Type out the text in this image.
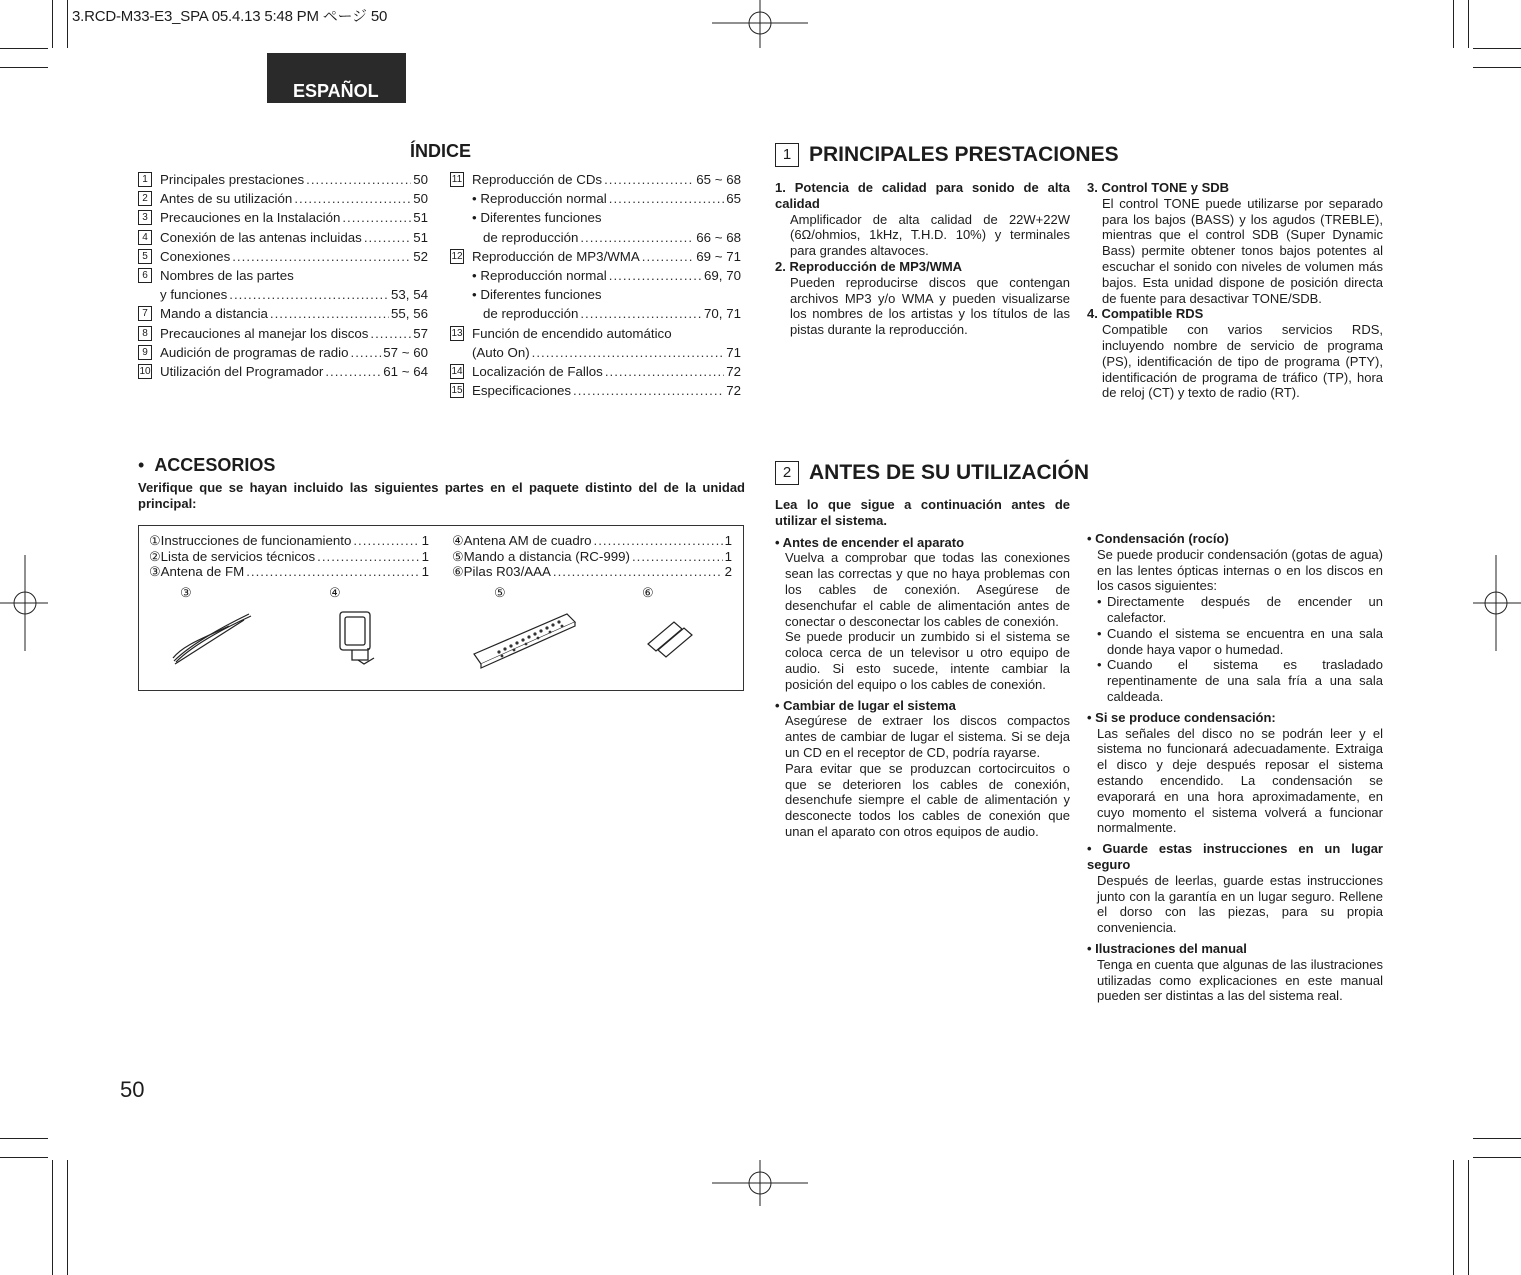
3.RCD-M33-E3_SPA 05.4.13 5:48 PM ページ 50
ESPAÑOL
ÍNDICE
1 Principales prestaciones .....	50
2 Antes de su utilización .....	50
3 Precauciones en la Instalación .....	51
4 Conexión de las antenas incluidas .....	51
5 Conexiones .....	52
6 Nombres de las partes
y funciones .....	53, 54
7 Mando a distancia .....	55, 56
8 Precauciones al manejar los discos .....	57
9 Audición de programas de radio .....	57 ~ 60
10 Utilización del Programador .....	61 ~ 64
11 Reproducción de CDs .....	65 ~ 68
• Reproducción normal .....	65
• Diferentes funciones
de reproducción .....	66 ~ 68
12 Reproducción de MP3/WMA .....	69 ~ 71
• Reproducción normal .....	69, 70
• Diferentes funciones
de reproducción .....	70, 71
13 Función de encendido automático
(Auto On) .....	71
14 Localización de Fallos .....	72
15 Especificaciones .....	72
1 PRINCIPALES PRESTACIONES

1. Potencia de calidad para sonido de alta calidad

Amplificador de alta calidad de 22W+22W (6Ω/ohmios, 1kHz, T.H.D. 10%) y terminales para grandes altavoces.

2. Reproducción de MP3/WMA

Pueden reproducirse discos que contengan archivos MP3 y/o WMA y pueden visualizarse los nombres de los artistas y los títulos de las pistas durante la reproducción.

3. Control TONE y SDB

El control TONE puede utilizarse por separado para los bajos (BASS) y los agudos (TREBLE), mientras que el control SDB (Super Dynamic Bass) permite obtener tonos bajos potentes al escuchar el sonido con niveles de volumen más bajos. Esta unidad dispone de posición directa de fuente para desactivar TONE/SDB.

4. Compatible RDS

Compatible con varios servicios RDS, incluyendo nombre de servicio de programa (PS), identificación de tipo de programa (PTY), identificación de programa de tráfico (TP), hora de reloj (CT) y texto de radio (RT).

• ACCESORIOS
Verifique que se hayan incluido las siguientes partes en el paquete distinto del de la unidad principal:
① Instrucciones de funcionamiento .....	1
② Lista de servicios técnicos .....	1
③ Antena de FM .....	1
④ Antena AM de cuadro .....	1
⑤ Mando a distancia (RC-999) .....	1
⑥ Pilas R03/AAA .....	2
③	④	⑤	⑥
2 ANTES DE SU UTILIZACIÓN

Lea lo que sigue a continuación antes de utilizar el sistema.

• Antes de encender el aparato

Vuelva a comprobar que todas las conexiones sean las correctas y que no haya problemas con los cables de conexión. Asegúrese de desenchufar el cable de alimentación antes de conectar o desconectar los cables de conexión.

Se puede producir un zumbido si el sistema se coloca cerca de un televisor u otro equipo de audio. Si esto sucede, intente cambiar la posición del equipo o los cables de conexión.

• Cambiar de lugar el sistema

Asegúrese de extraer los discos compactos antes de cambiar de lugar el sistema. Si se deja un CD en el receptor de CD, podría rayarse.

Para evitar que se produzcan cortocircuitos o que se deterioren los cables de conexión, desenchufe siempre el cable de alimentación y desconecte todos los cables de conexión que unan el aparato con otros equipos de audio.

• Condensación (rocío)

Se puede producir condensación (gotas de agua) en las lentes ópticas internas o en los discos en los casos siguientes:

• Directamente después de encender un calefactor.

• Cuando el sistema se encuentra en una sala donde haya vapor o humedad.

• Cuando el sistema es trasladado repentinamente de una sala fría a una sala caldeada.

• Si se produce condensación:

Las señales del disco no se podrán leer y el sistema no funcionará adecuadamente. Extraiga el disco y deje después reposar el sistema estando encendido. La condensación se evaporará en una hora aproximadamente, en cuyo momento el sistema volverá a funcionar normalmente.

• Guarde estas instrucciones en un lugar seguro

Después de leerlas, guarde estas instrucciones junto con la garantía en un lugar seguro. Rellene el dorso con las piezas, para su propia conveniencia.

• Ilustraciones del manual

Tenga en cuenta que algunas de las ilustraciones utilizadas como explicaciones en este manual pueden ser distintas a las del sistema real.

50
